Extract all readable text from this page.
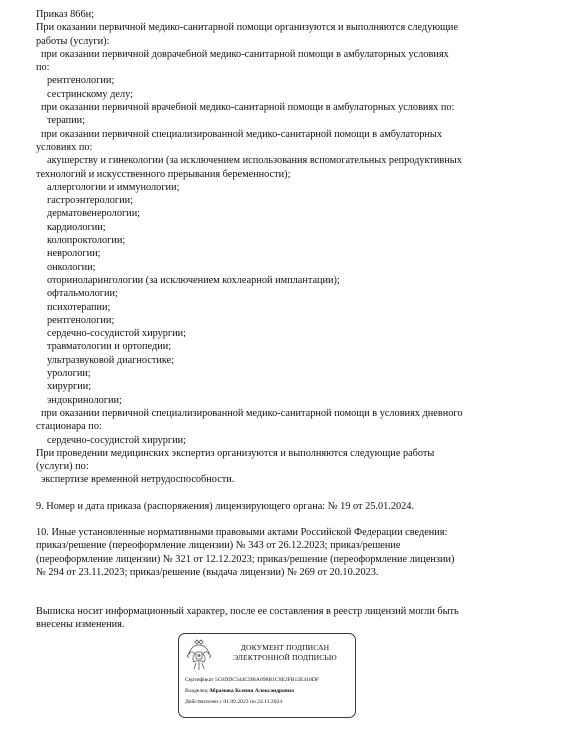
Приказ 866н;
При оказании первичной медико-санитарной помощи организуются и выполняются следующие
работы (услуги):
при оказании первичной доврачебной медико-санитарной помощи в амбулаторных условиях
по:
рентгенологии;
сестринскому делу;
при оказании первичной врачебной медико-санитарной помощи в амбулаторных условиях по:
терапии;
при оказании первичной специализированной медико-санитарной помощи в амбулаторных
условиях по:
акушерству и гинекологии (за исключением использования вспомогательных репродуктивных
технологий и искусственного прерывания беременности);
аллергологии и иммунологии;
гастроэнтерологии;
дерматовенерологии;
кардиологии;
колопроктологии;
неврологии;
онкологии;
оториноларингологии (за исключением кохлеарной имплантации);
офтальмологии;
психотерапии;
рентгенологии;
сердечно-сосудистой хирургии;
травматологии и ортопедии;
ультразвуковой диагностике;
урологии;
хирургии;
эндокринологии;
при оказании первичной специализированной медико-санитарной помощи в условиях дневного
стационара по:
сердечно-сосудистой хирургии;
При проведении медицинских экспертиз организуются и выполняются следующие работы
(услуги) по:
экспертизе временной нетрудоспособности.
9. Номер и дата приказа (распоряжения) лицензирующего органа: № 19 от 25.01.2024.
10. Иные установленные нормативными правовыми актами Российской Федерации сведения:
приказ/решение (переоформление лицензии) № 343 от 26.12.2023; приказ/решение
(переоформление лицензии) № 321 от 12.12.2023; приказ/решение (переоформление лицензии)
№ 294 от 23.11.2023; приказ/решение (выдача лицензии) № 269 от 20.10.2023.
Выписка носит информационный характер, после ее составления в реестр лицензий могли быть
внесены изменения.
ДОКУМЕНТ ПОДПИСАН
ЭЛЕКТРОННОЙ ПОДПИСЬЮ
Сертификат 5C6DDC344CDBA098B1C0E2FB12E410DF
Владелец Абрамова Ксения Александровна
Действителен с 01.09.2023 по 24.11.2024
